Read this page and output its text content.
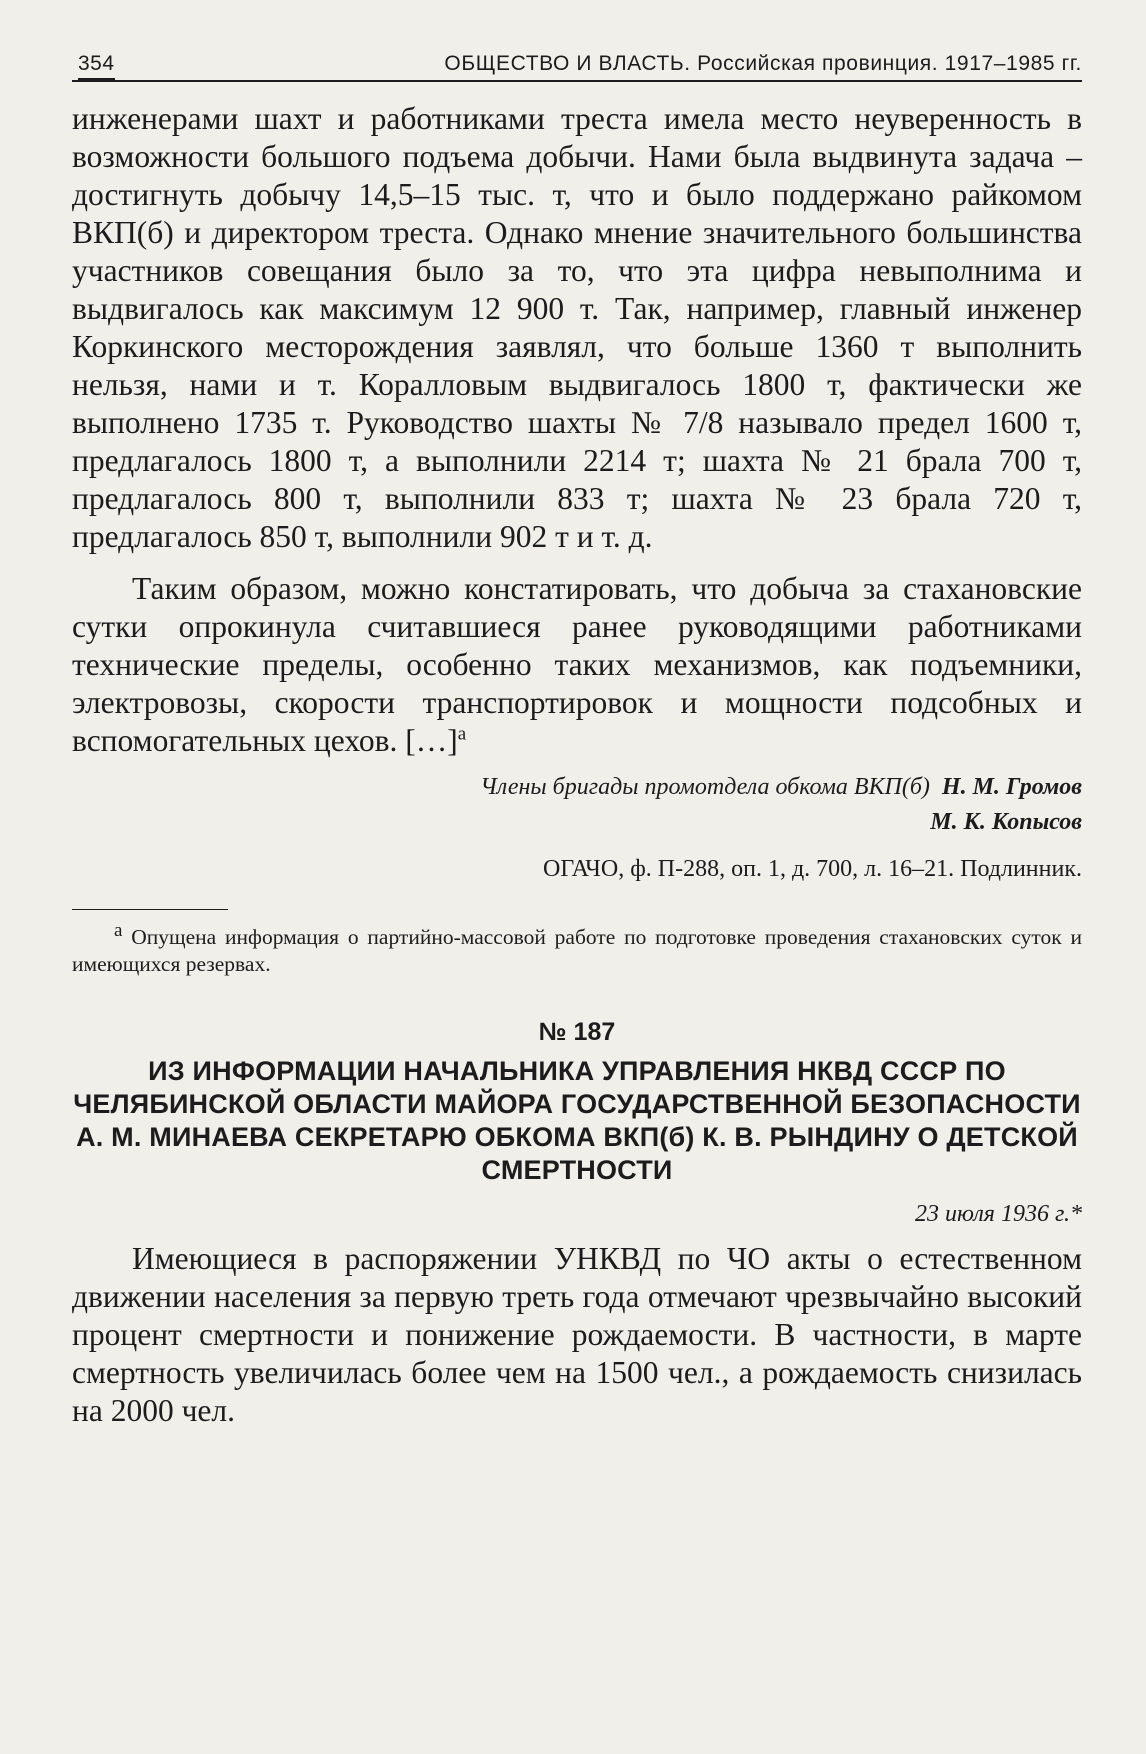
354	ОБЩЕСТВО И ВЛАСТЬ. Российская провинция. 1917–1985 гг.

инженерами шахт и работниками треста имела место неуверенность в возможности большого подъема добычи. Нами была выдвинута задача – достигнуть добычу 14,5–15 тыс. т, что и было поддержано райкомом ВКП(б) и директором треста. Однако мнение значительного большинства участников совещания было за то, что эта цифра невыполнима и выдвигалось как максимум 12 900 т. Так, например, главный инженер Коркинского месторождения заявлял, что больше 1360 т выполнить нельзя, нами и т. Коралловым выдвигалось 1800 т, фактически же выполнено 1735 т. Руководство шахты № 7/8 называло предел 1600 т, предлагалось 1800 т, а выполнили 2214 т; шахта № 21 брала 700 т, предлагалось 800 т, выполнили 833 т; шахта № 23 брала 720 т, предлагалось 850 т, выполнили 902 т и т. д.

Таким образом, можно констатировать, что добыча за стахановские сутки опрокинула считавшиеся ранее руководящими работниками технические пределы, особенно таких механизмов, как подъемники, электровозы, скорости транспортировок и мощности подсобных и вспомогательных цехов. […]$^а$

Члены бригады промотдела обкома ВКП(б) Н. М. Громов
М. К. Копысов
ОГАЧО, ф. П-288, оп. 1, д. 700, л. 16–21. Подлинник.

а Опущена информация о партийно-массовой работе по подготовке проведения стахановских суток и имеющихся резервах.

№ 187
ИЗ ИНФОРМАЦИИ НАЧАЛЬНИКА УПРАВЛЕНИЯ НКВД СССР ПО ЧЕЛЯБИНСКОЙ ОБЛАСТИ МАЙОРА ГОСУДАРСТВЕННОЙ БЕЗОПАСНОСТИ А. М. МИНАЕВА СЕКРЕТАРЮ ОБКОМА ВКП(б) К. В. РЫНДИНУ О ДЕТСКОЙ СМЕРТНОСТИ
23 июля 1936 г.*

Имеющиеся в распоряжении УНКВД по ЧО акты о естественном движении населения за первую треть года отмечают чрезвычайно высокий процент смертности и понижение рождаемости. В частности, в марте смертность увеличилась более чем на 1500 чел., а рождаемость снизилась на 2000 чел.
